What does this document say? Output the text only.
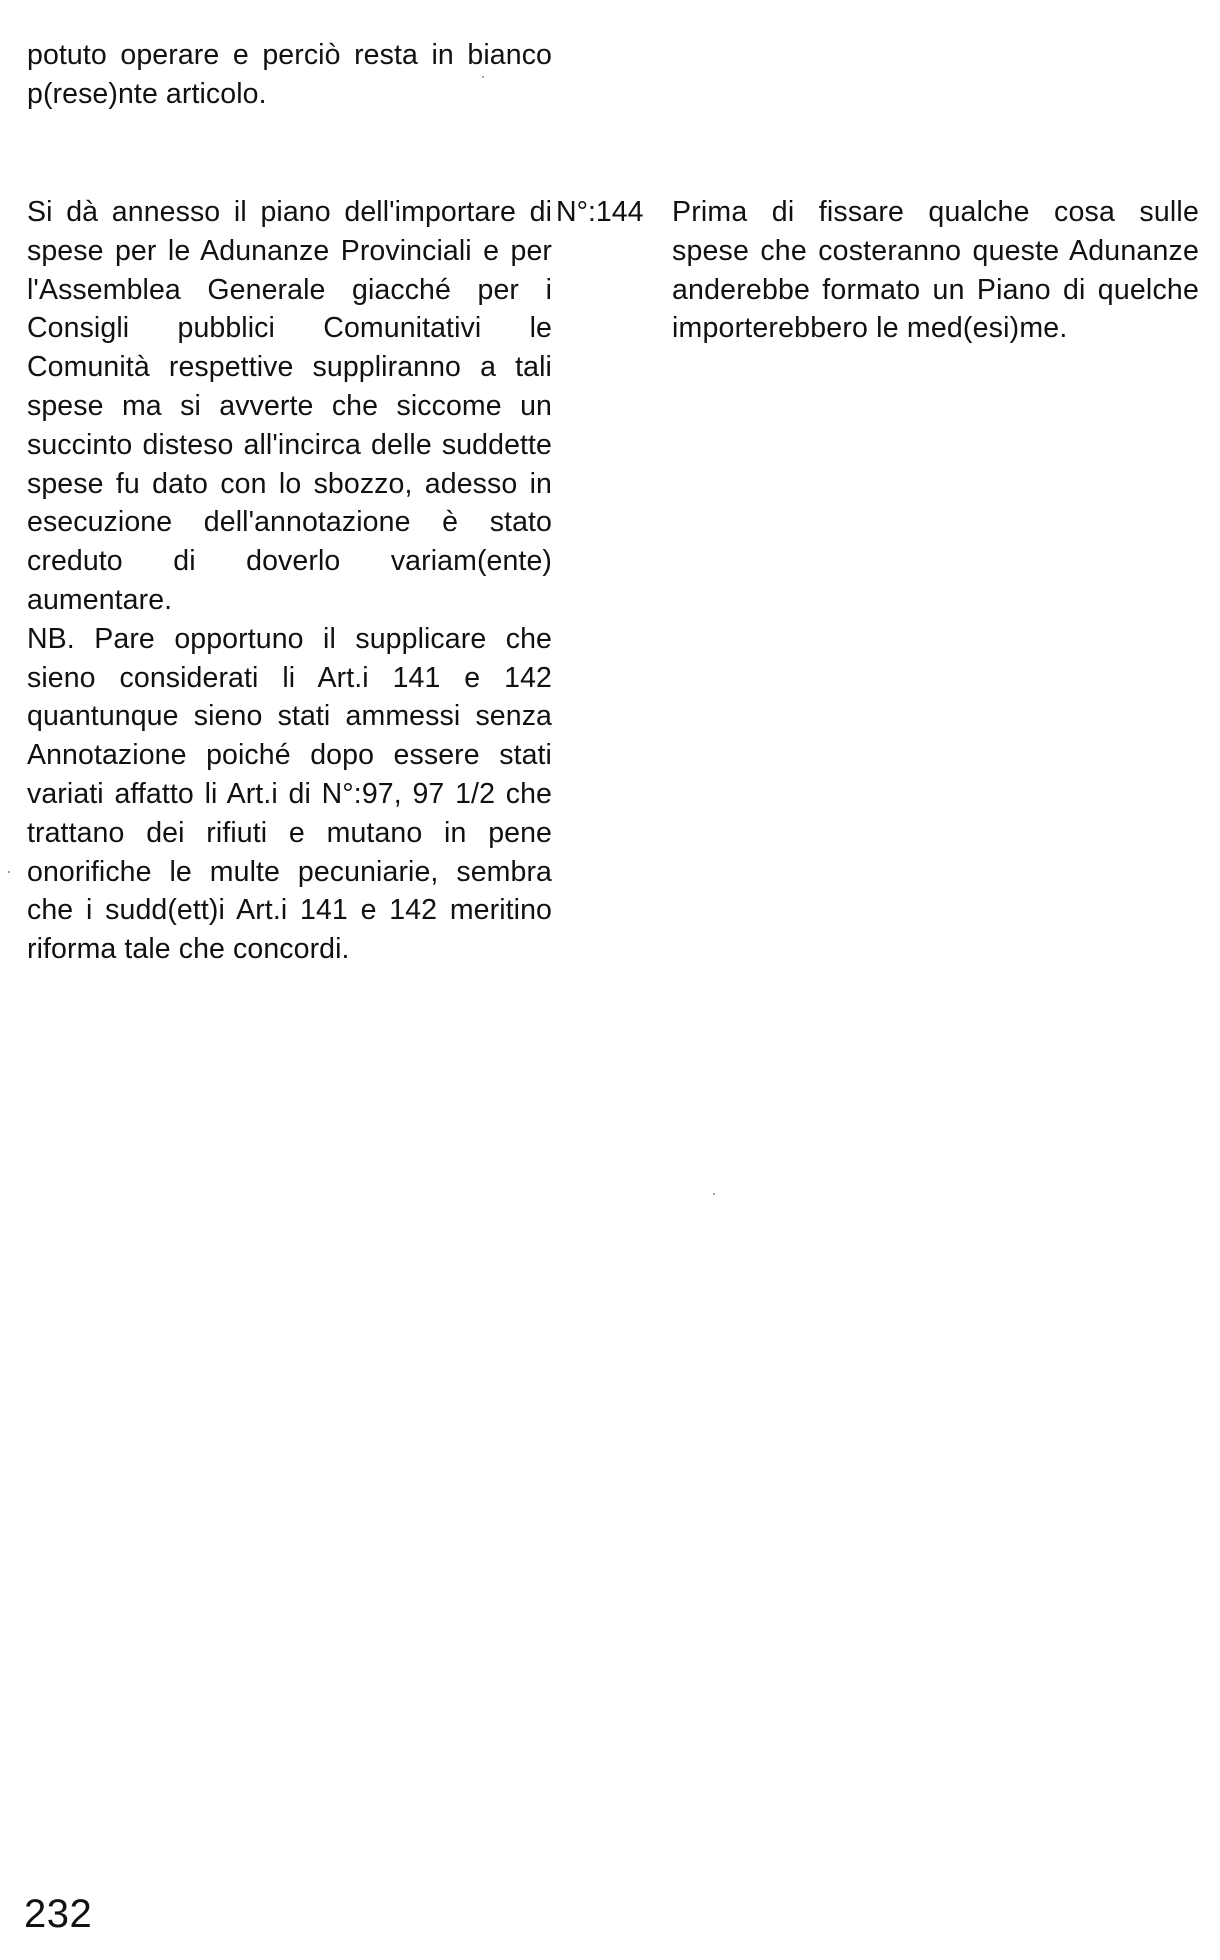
potuto operare e perciò resta in bianco p(rese)nte articolo.

Si dà annesso il piano dell'importare di spese per le Adunanze Provinciali e per l'Assemblea Generale giacché per i Consigli pubblici Comunitativi le Comunità respettive suppliranno a tali spese ma si avverte che siccome un succinto disteso all'incirca delle suddette spese fu dato con lo sbozzo, adesso in esecuzione dell'annotazione è stato creduto di doverlo variam(ente) aumentare.

NB. Pare opportuno il supplicare che sieno considerati li Art.i 141 e 142 quantunque sieno stati ammessi senza Annotazione poiché dopo essere stati variati affatto li Art.i di N°:97, 97 1/2 che trattano dei rifiuti e mutano in pene onorifiche le multe pecuniarie, sembra che i sudd(ett)i Art.i 141 e 142 meritino riforma tale che concordi.

N°:144 Prima di fissare qualche cosa sulle spese che costeranno queste Adunanze anderebbe formato un Piano di quelche importerebbero le med(esi)me.

232
